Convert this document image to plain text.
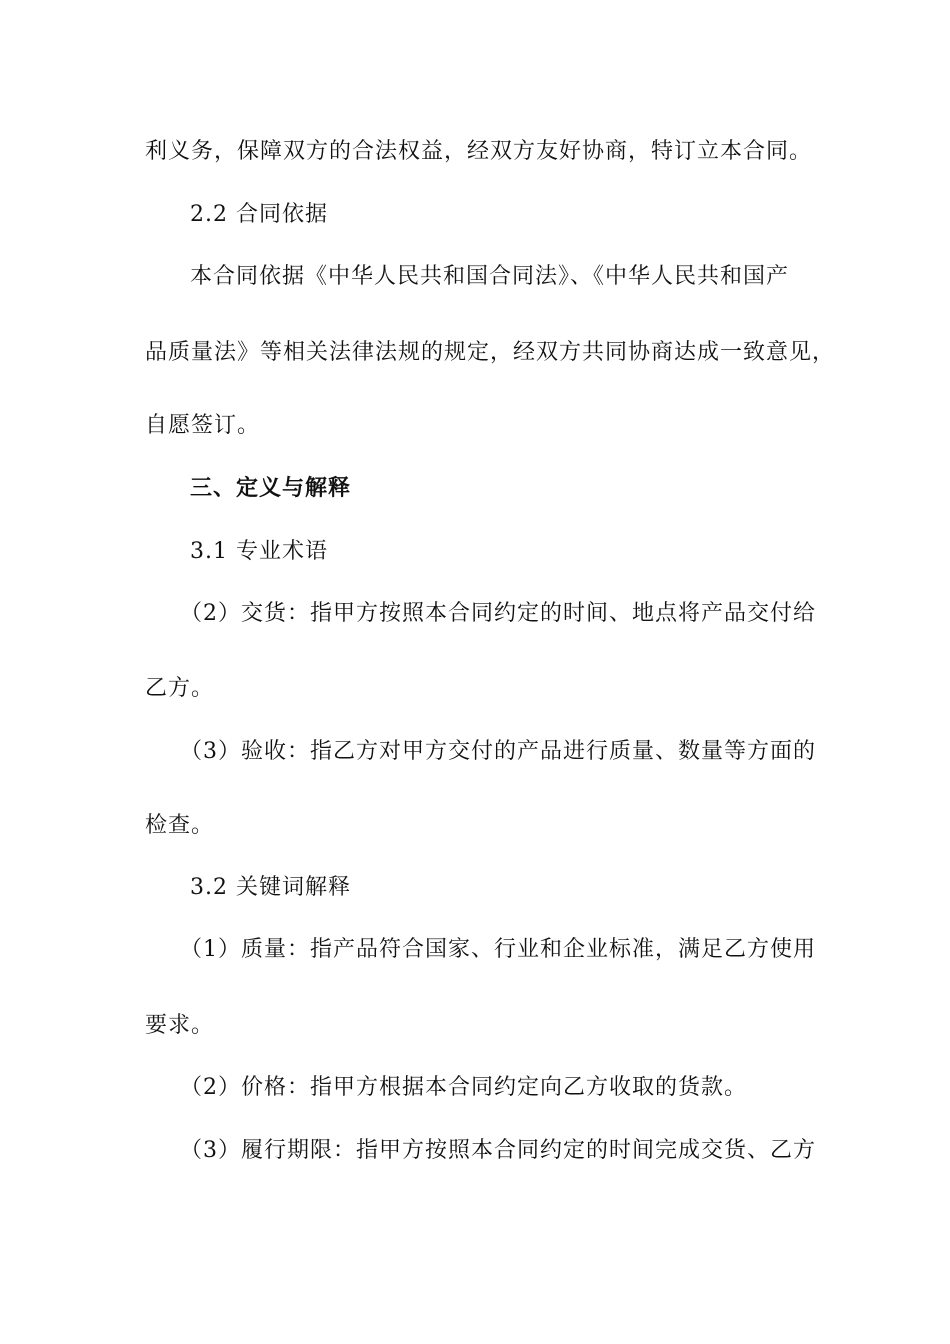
利义务，保障双方的合法权益，经双方友好协商，特订立本合同。
2.2 合同依据
本合同依据《中华人民共和国合同法》、《中华人民共和国产
品质量法》等相关法律法规的规定，经双方共同协商达成一致意见，
自愿签订。
三、定义与解释
3.1 专业术语
（2）交货：指甲方按照本合同约定的时间、地点将产品交付给
乙方。
（3）验收：指乙方对甲方交付的产品进行质量、数量等方面的
检查。
3.2 关键词解释
（1）质量：指产品符合国家、行业和企业标准，满足乙方使用
要求。
（2）价格：指甲方根据本合同约定向乙方收取的货款。
（3）履行期限：指甲方按照本合同约定的时间完成交货、乙方
